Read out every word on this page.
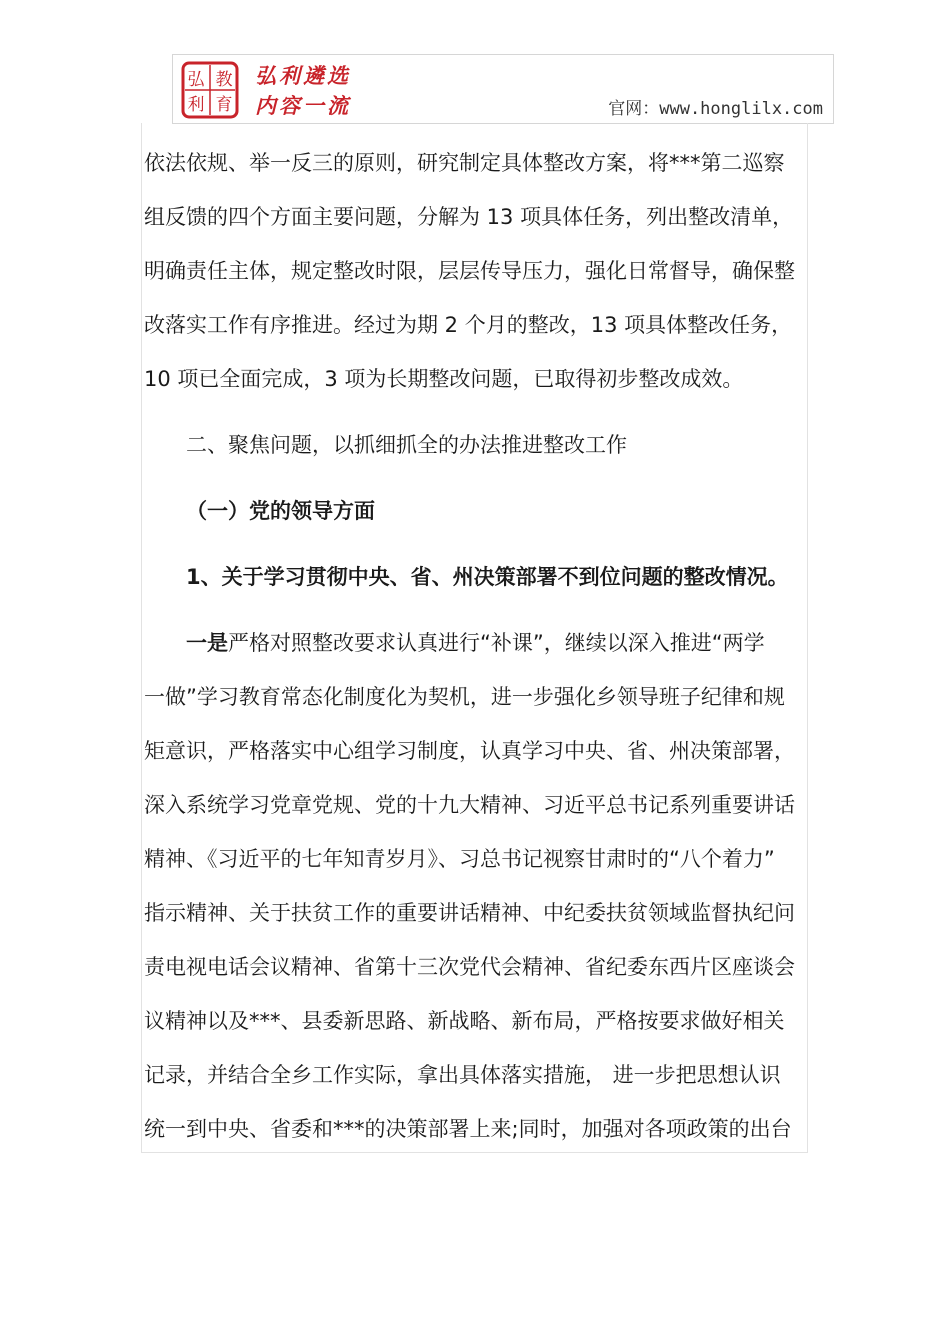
弘
利
教
育
弘利遴选
内容一流	官网：www.honglilx.com
依法依规、举一反三的原则，研究制定具体整改方案，将***第二巡察
组反馈的四个方面主要问题，分解为 13 项具体任务，列出整改清单，
明确责任主体，规定整改时限，层层传导压力，强化日常督导，确保整
改落实工作有序推进。经过为期 2 个月的整改，13 项具体整改任务，
10 项已全面完成，3 项为长期整改问题，已取得初步整改成效。
二、聚焦问题，以抓细抓全的办法推进整改工作
（一）党的领导方面
1、关于学习贯彻中央、省、州决策部署不到位问题的整改情况。
一是严格对照整改要求认真进行“补课”，继续以深入推进“两学
一做”学习教育常态化制度化为契机，进一步强化乡领导班子纪律和规
矩意识，严格落实中心组学习制度，认真学习中央、省、州决策部署，
深入系统学习党章党规、党的十九大精神、习近平总书记系列重要讲话
精神、《习近平的七年知青岁月》、习总书记视察甘肃时的“八个着力”
指示精神、关于扶贫工作的重要讲话精神、中纪委扶贫领域监督执纪问
责电视电话会议精神、省第十三次党代会精神、省纪委东西片区座谈会
议精神以及***、县委新思路、新战略、新布局，严格按要求做好相关
记录，并结合全乡工作实际，拿出具体落实措施， 进一步把思想认识
统一到中央、省委和***的决策部署上来;同时，加强对各项政策的出台
